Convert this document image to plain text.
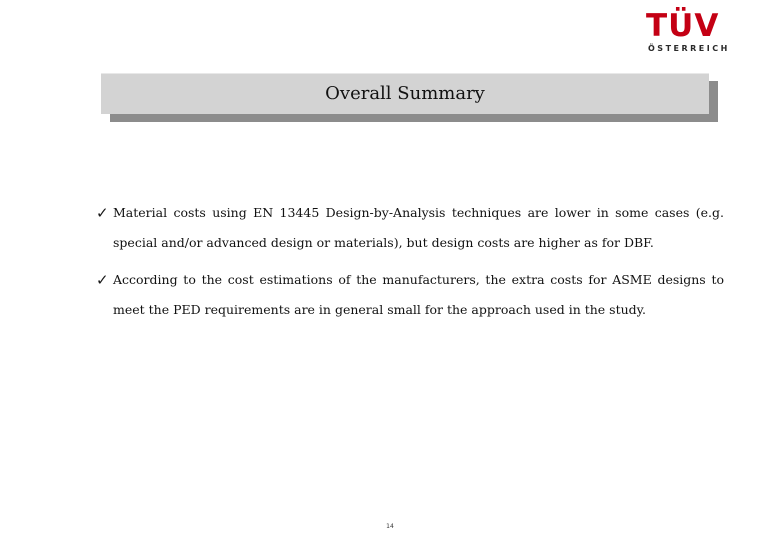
TÜV
ÖSTERREICH
Overall Summary
✓ Material costs using EN 13445 Design-by-Analysis techniques are lower in some cases (e.g. special and/or advanced design or materials), but design costs are higher as for DBF.
✓ According to the cost estimations of the manufacturers, the extra costs for ASME designs to meet the PED requirements are in general small for the approach used in the study.
14
